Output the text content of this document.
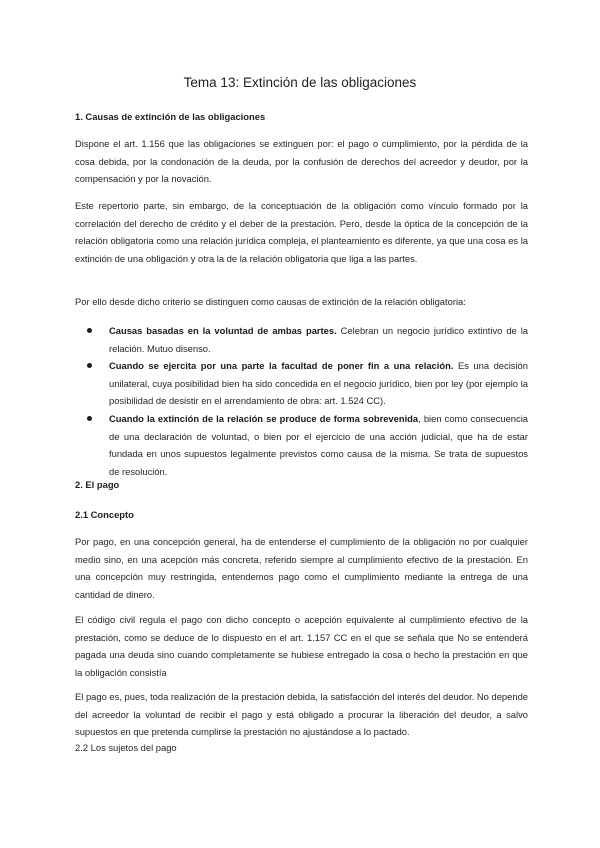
Tema 13: Extinción de las obligaciones
1. Causas de extinción de las obligaciones

Dispone el art. 1.156 que las obligaciones se extinguen por: el pago o cumplimiento, por la pérdida de la cosa debida, por la condonación de la deuda, por la confusión de derechos del acreedor y deudor, por la compensación y por la novación.

Este repertorio parte, sin embargo, de la conceptuación de la obligación como vínculo formado por la correlación del derecho de crédito y el deber de la prestación. Pero, desde la óptica de la concepción de la relación obligatoria como una relación jurídica compleja, el planteamiento es diferente, ya que una cosa es la extinción de una obligación y otra la de la relación obligatoria que liga a las partes.

Por ello desde dicho criterio se distinguen como causas de extinción de la relación obligatoria:

Causas basadas en la voluntad de ambas partes. Celebran un negocio jurídico extintivo de la relación. Mutuo disenso.
Cuando se ejercita por una parte la facultad de poner fin a una relación. Es una decisión unilateral, cuya posibilidad bien ha sido concedida en el negocio jurídico, bien por ley (por ejemplo la posibilidad de desistir en el arrendamiento de obra: art. 1.524 CC).
Cuando la extinción de la relación se produce de forma sobrevenida, bien como consecuencia de una declaración de voluntad, o bien por el ejercicio de una acción judicial, que ha de estar fundada en unos supuestos legalmente previstos como causa de la misma. Se trata de supuestos de resolución.
2. El pago
2.1 Concepto

Por pago, en una concepción general, ha de entenderse el cumplimiento de la obligación no por cualquier medio sino, en una acepción más concreta, referido siempre al cumplimiento efectivo de la prestación. En una concepción muy restringida, entendemos pago como el cumplimiento mediante la entrega de una cantidad de dinero.

El código civil regula el pago con dicho concepto o acepción equivalente al cumplimiento efectivo de la prestación, como se deduce de lo dispuesto en el art. 1.157 CC en el que se señala que No se entenderá pagada una deuda sino cuando completamente se hubiese entregado la cosa o hecho la prestación en que la obligación consistía

El pago es, pues, toda realización de la prestación debida, la satisfacción del interés del deudor. No depende del acreedor la voluntad de recibir el pago y está obligado a procurar la liberación del deudor, a salvo supuestos en que pretenda cumplirse la prestación no ajustándose a lo pactado.

2.2 Los sujetos del pago
